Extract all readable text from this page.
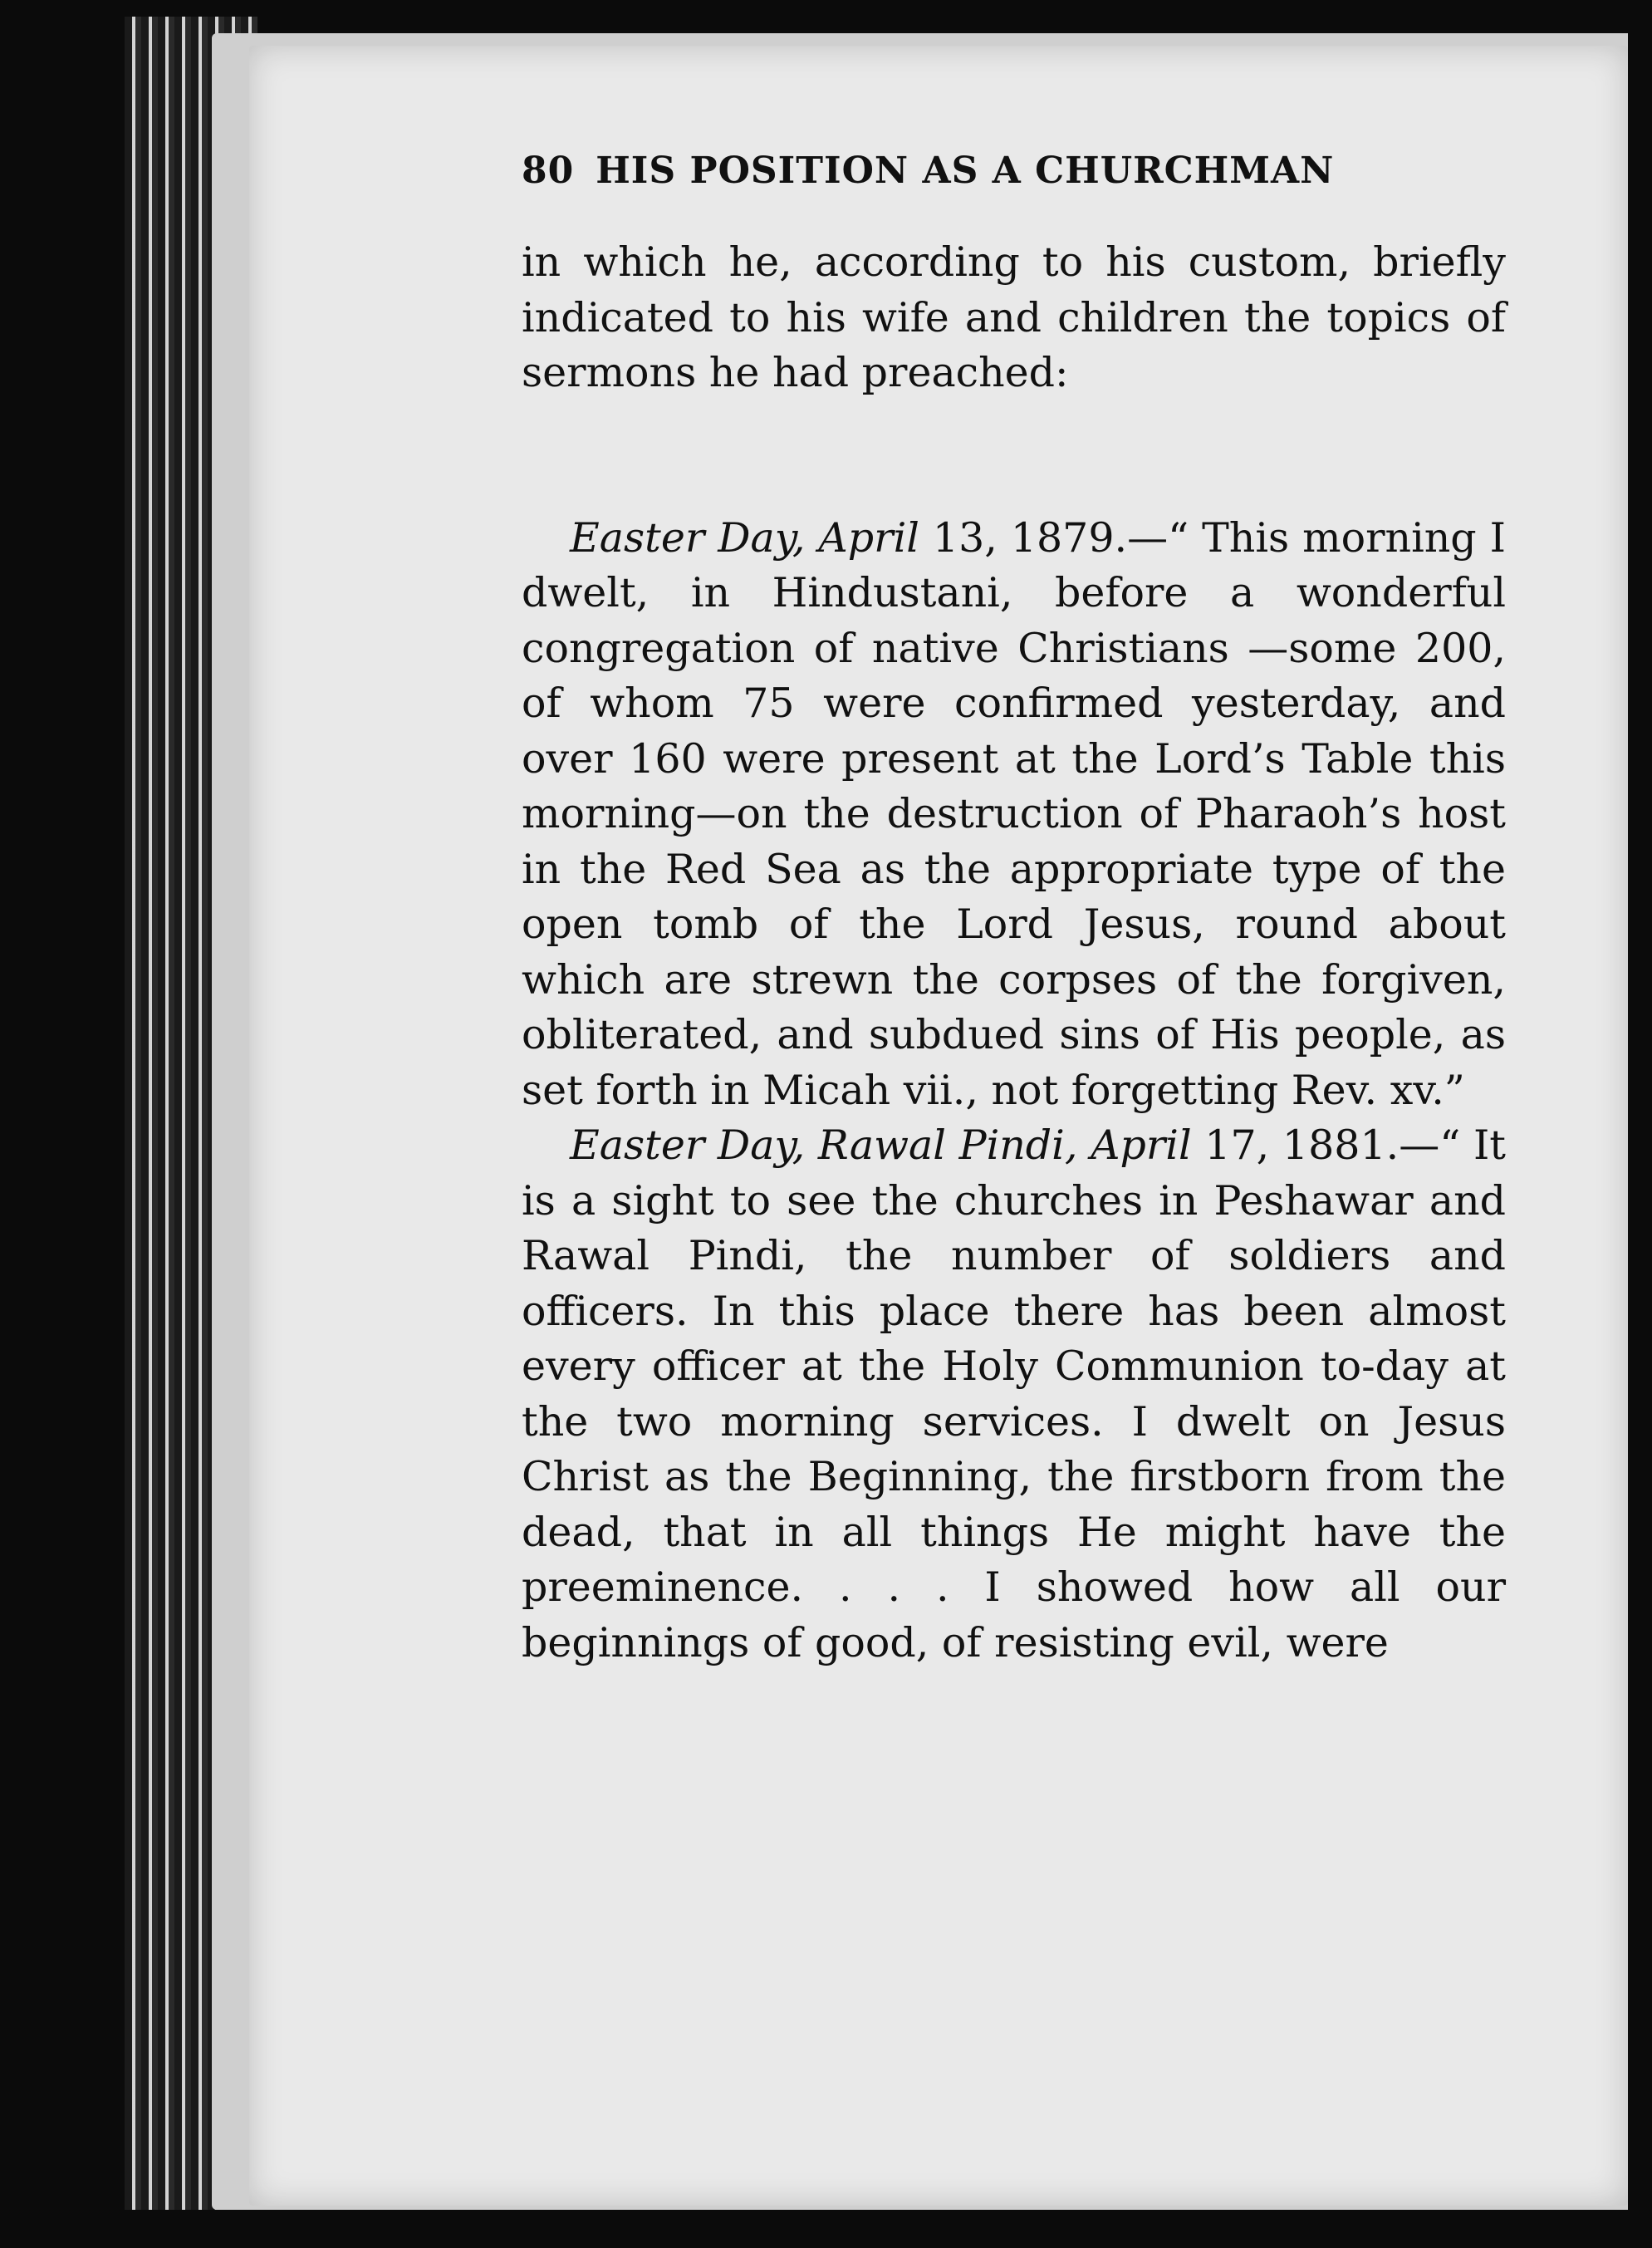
80 HIS POSITION AS A CHURCHMAN

in which he, according to his custom, briefly indicated to his wife and children the topics of sermons he had preached:

Easter Day, April 13, 1879.—“ This morning I dwelt, in Hindustani, before a wonderful congregation of native Christians —some 200, of whom 75 were confirmed yesterday, and over 160 were present at the Lord’s Table this morning—on the destruction of Pharaoh’s host in the Red Sea as the appropriate type of the open tomb of the Lord Jesus, round about which are strewn the corpses of the forgiven, obliterated, and subdued sins of His people, as set forth in Micah vii., not forgetting Rev. xv.”

Easter Day, Rawal Pindi, April 17, 1881.—“ It is a sight to see the churches in Peshawar and Rawal Pindi, the number of soldiers and officers. In this place there has been almost every officer at the Holy Communion to-day at the two morning services. I dwelt on Jesus Christ as the Beginning, the firstborn from the dead, that in all things He might have the preeminence. . . . I showed how all our beginnings of good, of resisting evil, were
